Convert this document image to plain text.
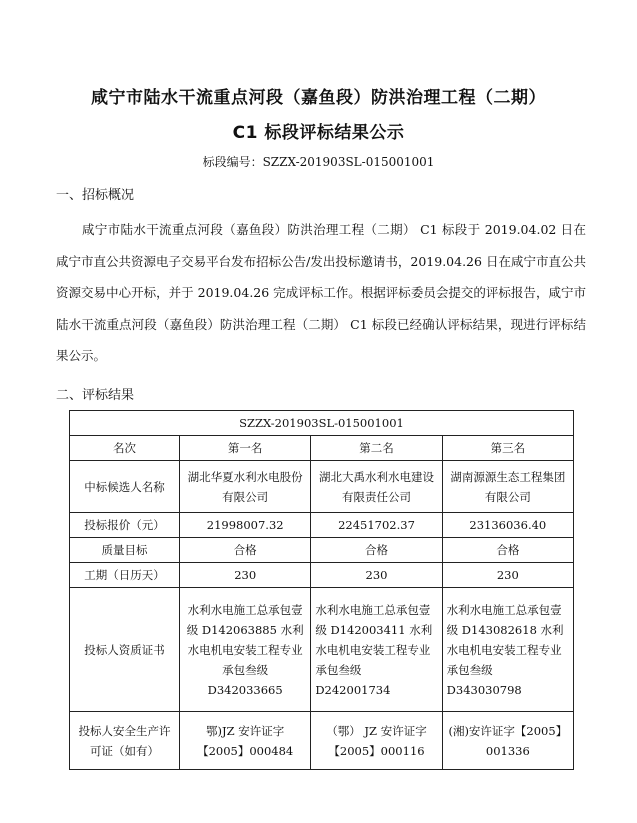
咸宁市陆水干流重点河段（嘉鱼段）防洪治理工程（二期）
C1 标段评标结果公示
标段编号：SZZX-201903SL-015001001
一、招标概况
咸宁市陆水干流重点河段（嘉鱼段）防洪治理工程（二期） C1 标段于 2019.04.02 日在咸宁市直公共资源电子交易平台发布招标公告/发出投标邀请书，2019.04.26 日在咸宁市直公共资源交易中心开标，并于 2019.04.26 完成评标工作。根据评标委员会提交的评标报告，咸宁市陆水干流重点河段（嘉鱼段）防洪治理工程（二期） C1 标段已经确认评标结果，现进行评标结果公示。
二、评标结果
SZZX-201903SL-015001001			
名次	第一名	第二名	第三名
中标候选人名称	湖北华夏水利水电股份有限公司	湖北大禹水利水电建设有限责任公司	湖南源源生态工程集团有限公司
投标报价（元）	21998007.32	22451702.37	23136036.40
质量目标	合格	合格	合格
工期（日历天）	230	230	230
投标人资质证书	水利水电施工总承包壹级 D142063885 水利水电机电安装工程专业承包叁级 D342033665	水利水电施工总承包壹级 D142003411 水利水电机电安装工程专业承包叁级 D242001734	水利水电施工总承包壹级 D143082618 水利水电机电安装工程专业承包叁级 D343030798
投标人安全生产许可证（如有）	鄂)JZ 安许证字【2005】000484	（鄂） JZ 安许证字【2005】000116	(湘)安许证字【2005】001336
